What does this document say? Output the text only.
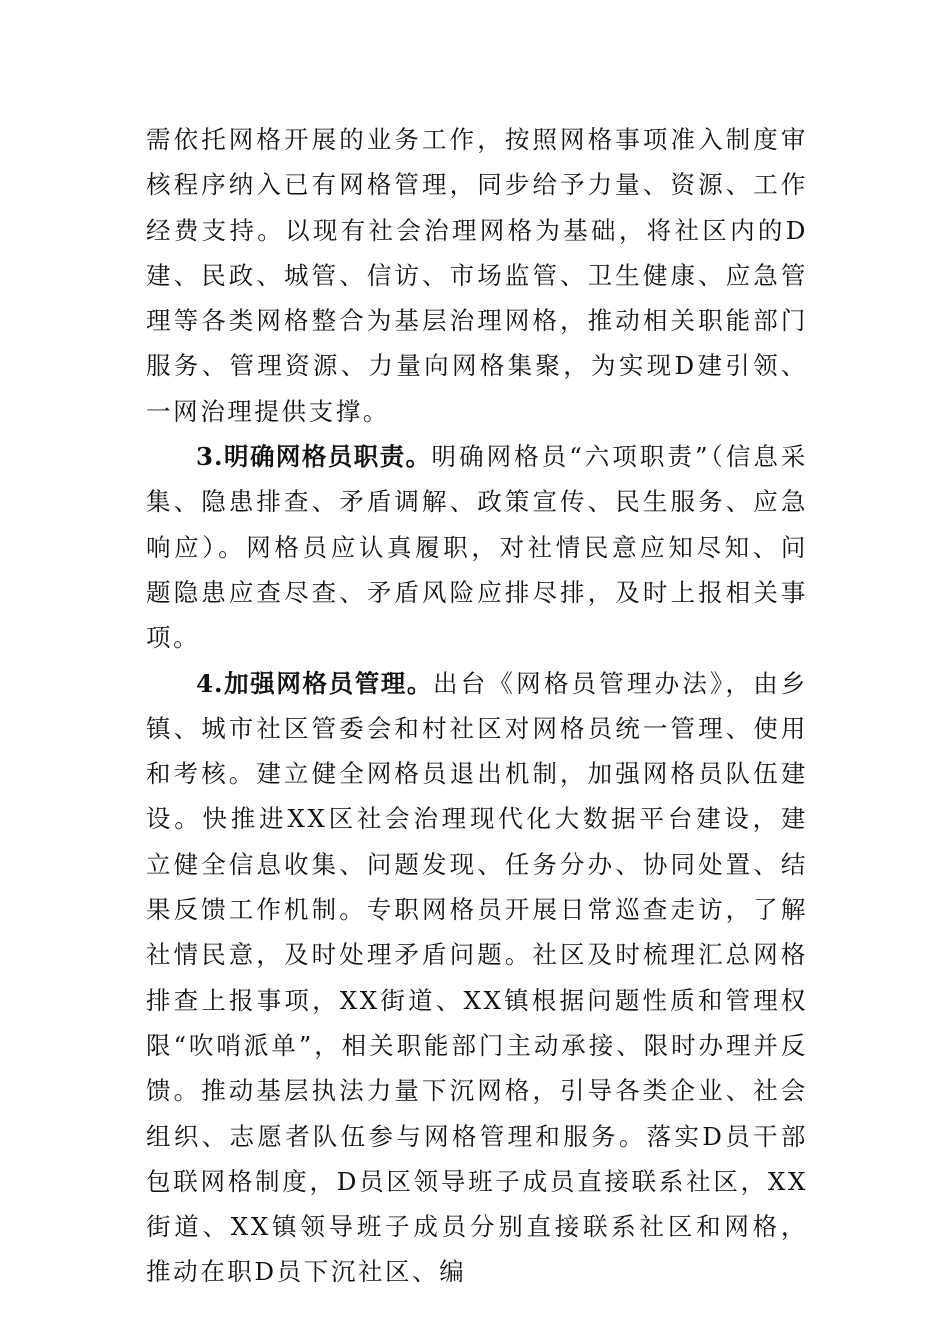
需依托网格开展的业务工作，按照网格事项准入制度审核程序纳入已有网格管理，同步给予力量、资源、工作经费支持。以现有社会治理网格为基础，将社区内的D建、民政、城管、信访、市场监管、卫生健康、应急管理等各类网格整合为基层治理网格，推动相关职能部门服务、管理资源、力量向网格集聚，为实现D建引领、一网治理提供支撑。

3.明确网格员职责。明确网格员“六项职责”（信息采集、隐患排查、矛盾调解、政策宣传、民生服务、应急响应）。网格员应认真履职，对社情民意应知尽知、问题隐患应查尽查、矛盾风险应排尽排，及时上报相关事项。

4.加强网格员管理。出台《网格员管理办法》，由乡镇、城市社区管委会和村社区对网格员统一管理、使用和考核。建立健全网格员退出机制，加强网格员队伍建设。快推进XX区社会治理现代化大数据平台建设，建立健全信息收集、问题发现、任务分办、协同处置、结果反馈工作机制。专职网格员开展日常巡查走访，了解社情民意，及时处理矛盾问题。社区及时梳理汇总网格排查上报事项，XX街道、XX镇根据问题性质和管理权限“吹哨派单”，相关职能部门主动承接、限时办理并反馈。推动基层执法力量下沉网格，引导各类企业、社会组织、志愿者队伍参与网格管理和服务。落实D员干部包联网格制度，D员区领导班子成员直接联系社区，XX街道、XX镇领导班子成员分别直接联系社区和网格，推动在职D员下沉社区、编
